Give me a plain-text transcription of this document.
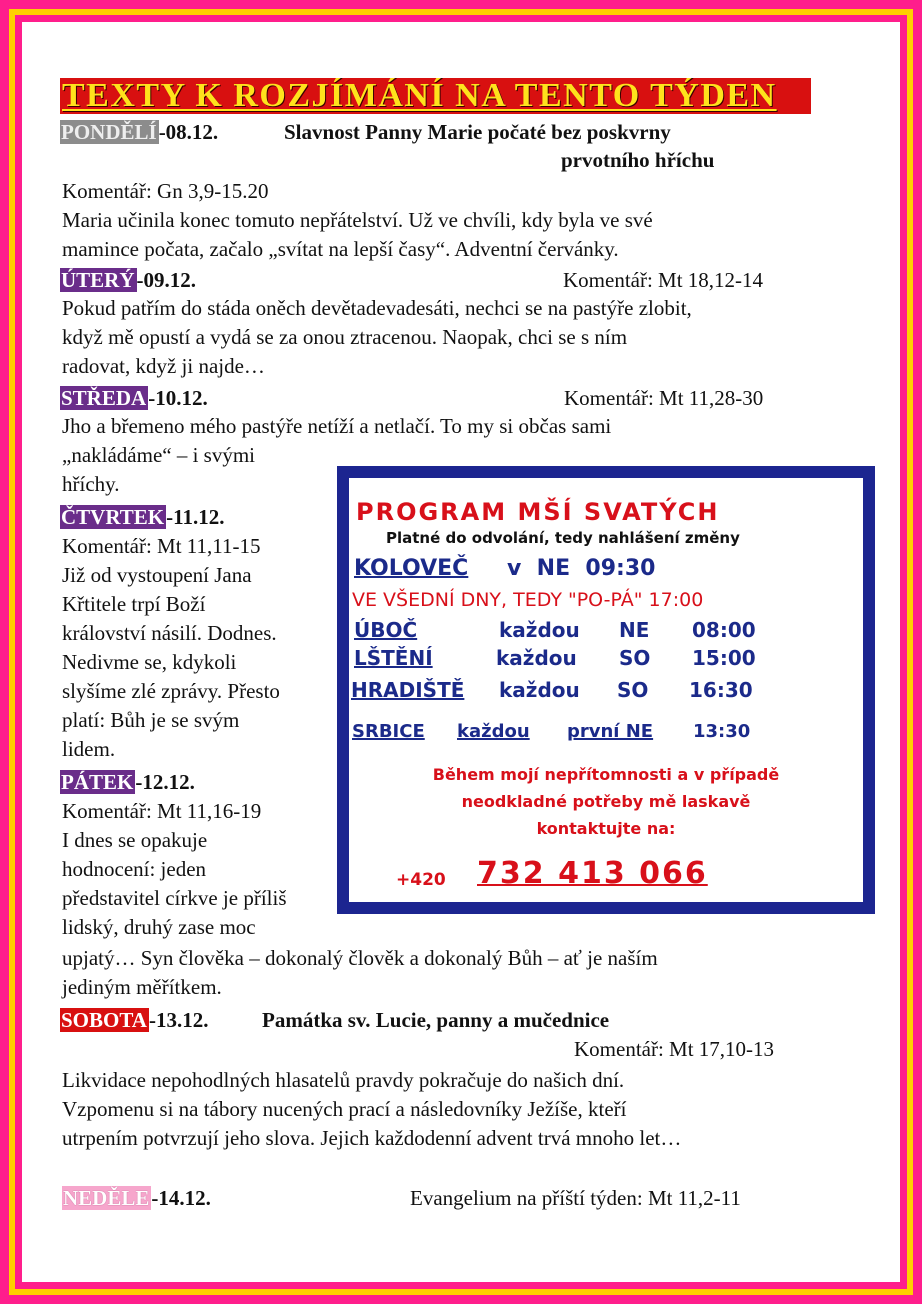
TEXTY K ROZJÍMÁNÍ NA TENTO TÝDEN
PONDĚLÍ-08.12.	Slavnost Panny Marie počaté bez poskvrny
prvotního hříchu
Komentář: Gn 3,9-15.20
Maria učinila konec tomuto nepřátelství. Už ve chvíli, kdy byla ve své
mamince počata, začalo „svítat na lepší časy“. Adventní červánky.
ÚTERÝ-09.12.	Komentář: Mt 18,12-14
Pokud patřím do stáda oněch devětadevadesáti, nechci se na pastýře zlobit,
když mě opustí a vydá se za onou ztracenou. Naopak, chci se s ním
radovat, když ji najde…
STŘEDA-10.12.	Komentář: Mt 11,28-30
Jho a břemeno mého pastýře netíží a netlačí. To my si občas sami
„nakládáme“ – i svými
hříchy.
ČTVRTEK-11.12.
Komentář: Mt 11,11-15
Již od vystoupení Jana
Křtitele trpí Boží
království násilí. Dodnes.
Nedivme se, kdykoli
slyšíme zlé zprávy. Přesto
platí: Bůh je se svým
lidem.
PÁTEK-12.12.
Komentář: Mt 11,16-19
I dnes se opakuje
hodnocení: jeden
představitel církve je příliš
lidský, druhý zase moc
upjatý… Syn člověka – dokonalý člověk a dokonalý Bůh – ať je naším
jediným měřítkem.
SOBOTA-13.12.	Památka sv. Lucie, panny a mučednice
Komentář: Mt 17,10-13
Likvidace nepohodlných hlasatelů pravdy pokračuje do našich dní.
Vzpomenu si na tábory nucených prací a následovníky Ježíše, kteří
utrpením potvrzují jeho slova. Jejich každodenní advent trvá mnoho let…
NEDĚLE-14.12.	Evangelium na příští týden: Mt 11,2-11
PROGRAM MŠÍ SVATÝCH
Platné do odvolání, tedy nahlášení změny
KOLOVEČ v  NE  09:30
VE VŠEDNÍ DNY, TEDY "PO-PÁ" 17:00
ÚBOČ	každou NE 08:00
LŠTĚNÍ	každou SO 15:00
HRADIŠTĚ každou SO 16:30
SRBICE každou první NE 13:30
Během mojí nepřítomnosti a v případě
neodkladné potřeby mě laskavě
kontaktujte na:
+420 732 413 066
